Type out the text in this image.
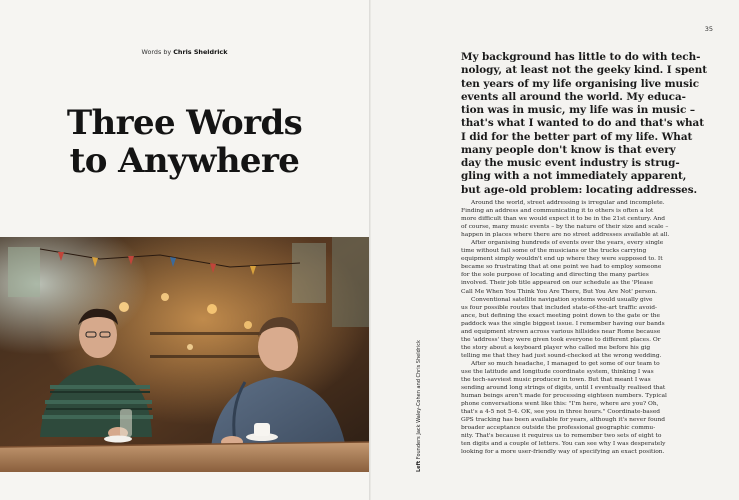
Words by Chris Sheldrick
Three Words
to Anywhere
35
My background has little to do with tech-
nology, at least not the geeky kind. I spent
ten years of my life organising live music
events all around the world. My educa-
tion was in music, my life was in music –
that's what I wanted to do and that's what
I did for the better part of my life. What
many people don't know is that every
day the music event industry is strug-
gling with a not immediately apparent,
but age-old problem: locating addresses.
Around the world, street addressing is irregular and incomplete.
Finding an address and communicating it to others is often a lot
more difficult than we would expect it to be in the 21st century. And
of course, many music events – by the nature of their size and scale –
happen in places where there are no street addresses available at all.
After organising hundreds of events over the years, every single
time without fail some of the musicians or the trucks carrying
equipment simply wouldn't end up where they were supposed to. It
became so frustrating that at one point we had to employ someone
for the sole purpose of locating and directing the many parties
involved. Their job title appeared on our schedule as the 'Please
Call Me When You Think You Are There, But You Are Not' person.
Conventional satellite navigation systems would usually give
us four possible routes that included state-of-the-art traffic avoid-
ance, but defining the exact meeting point down to the gate or the
paddock was the single biggest issue. I remember having our bands
and equipment strewn across various hillsides near Rome because
the 'address' they were given took everyone to different places. Or
the story about a keyboard player who called me before his gig
telling me that they had just sound-checked at the wrong wedding.
After so much headache, I managed to get some of our team to
use the latitude and longitude coordinate system, thinking I was
the tech-savviest music producer in town. But that meant I was
sending around long strings of digits, until I eventually realised that
human beings aren't made for processing eighteen numbers. Typical
phone conversations went like this: "I'm here, where are you? Oh,
that's a 4-5 not 5-4. OK, see you in three hours." Coordinate-based
GPS tracking has been available for years, although it's never found
broader acceptance outside the professional geographic commu-
nity. That's because it requires us to remember two sets of eight to
ten digits and a couple of letters. You can see why I was desperately
looking for a more user-friendly way of specifying an exact position.
Left Founders Jack Waley-Cohen and Chris Sheldrick
